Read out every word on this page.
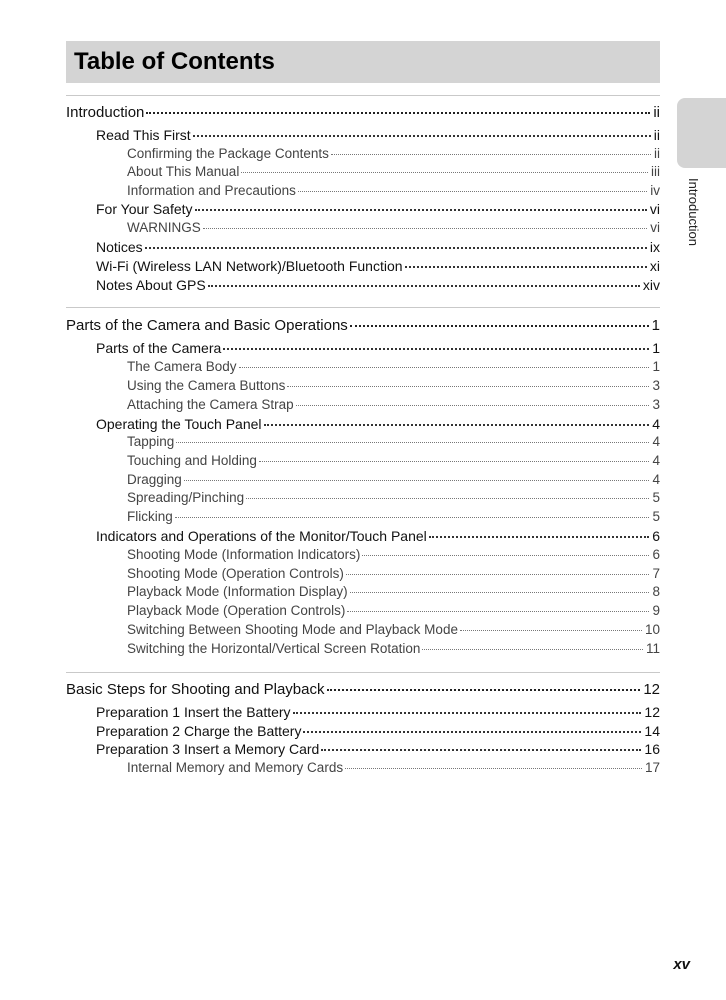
Table of Contents
Introduction	ii
Read This First	ii
Confirming the Package Contents	ii
About This Manual	iii
Information and Precautions	iv
For Your Safety	vi
WARNINGS	vi
Notices	ix
Wi-Fi (Wireless LAN Network)/Bluetooth Function	xi
Notes About GPS	xiv
Parts of the Camera and Basic Operations	1
Parts of the Camera	1
The Camera Body	1
Using the Camera Buttons	3
Attaching the Camera Strap	3
Operating the Touch Panel	4
Tapping	4
Touching and Holding	4
Dragging	4
Spreading/Pinching	5
Flicking	5
Indicators and Operations of the Monitor/Touch Panel	6
Shooting Mode (Information Indicators)	6
Shooting Mode (Operation Controls)	7
Playback Mode (Information Display)	8
Playback Mode (Operation Controls)	9
Switching Between Shooting Mode and Playback Mode	10
Switching the Horizontal/Vertical Screen Rotation	11
Basic Steps for Shooting and Playback	12
Preparation 1 Insert the Battery	12
Preparation 2 Charge the Battery	14
Preparation 3 Insert a Memory Card	16
Internal Memory and Memory Cards	17
Introduction
xv
